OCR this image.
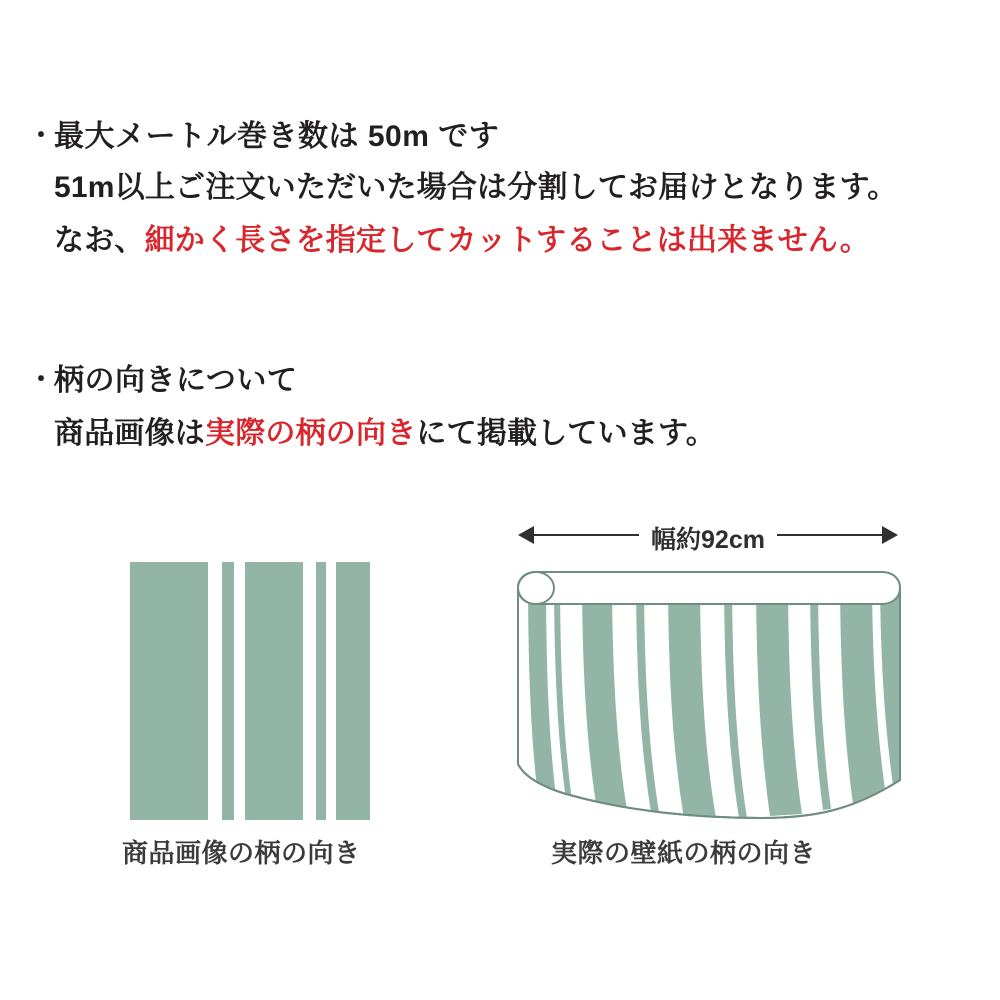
・ 最大メートル巻き数は 50m です
51m以上ご注文いただいた場合は分割してお届けとなります。
なお、細かく長さを指定してカットすることは出来ません。
・ 柄の向きについて
商品画像は実際の柄の向きにて掲載しています。
商品画像の柄の向き
幅約92cm
実際の壁紙の柄の向き
